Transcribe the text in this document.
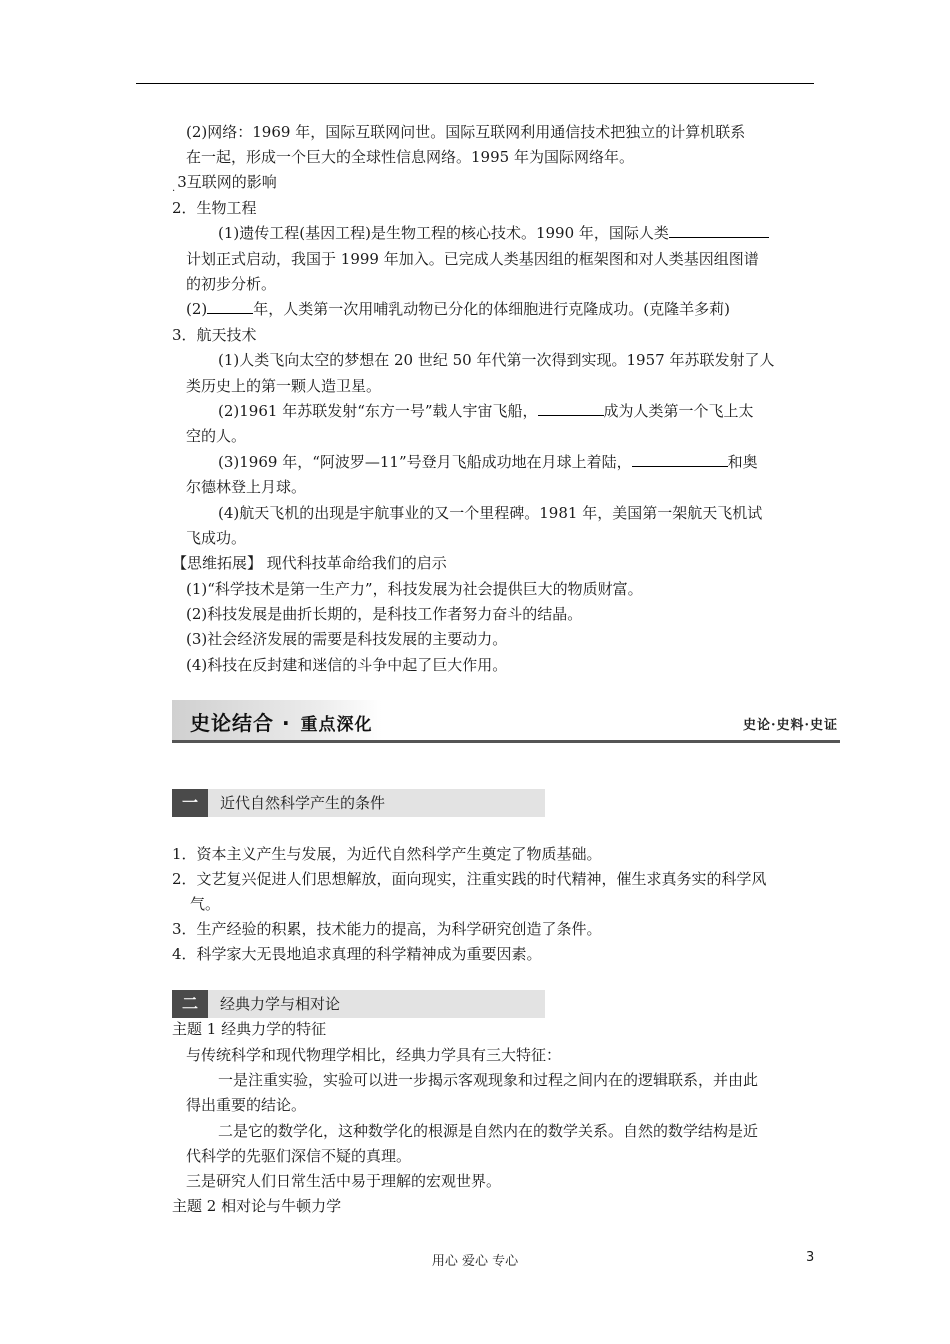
(2)网络：1969 年，国际互联网问世。国际互联网利用通信技术把独立的计算机联系
在一起，形成一个巨大的全球性信息网络。1995 年为国际网络年。
$_.$ 3互联网的影响
2．生物工程
(1)遗传工程(基因工程)是生物工程的核心技术。1990 年，国际人类
计划正式启动，我国于 1999 年加入。已完成人类基因组的框架图和对人类基因组图谱
的初步分析。
(2)	年，人类第一次用哺乳动物已分化的体细胞进行克隆成功。(克隆羊多莉)
3．航天技术
(1)人类飞向太空的梦想在 20 世纪 50 年代第一次得到实现。1957 年苏联发射了人
类历史上的第一颗人造卫星。
(2)1961 年苏联发射“东方一号”载人宇宙飞船，	成为人类第一个飞上太
空的人。
(3)1969 年，“阿波罗—11”号登月飞船成功地在月球上着陆，	和奥
尔德林登上月球。
(4)航天飞机的出现是宇航事业的又一个里程碑。1981 年，美国第一架航天飞机试
飞成功。
【思维拓展】 现代科技革命给我们的启示
(1)“科学技术是第一生产力”，科技发展为社会提供巨大的物质财富。
(2)科技发展是曲折长期的，是科技工作者努力奋斗的结晶。
(3)社会经济发展的需要是科技发展的主要动力。
(4)科技在反封建和迷信的斗争中起了巨大作用。
史论结合 · 重点深化	史论·史料·史证
一	近代自然科学产生的条件
1．资本主义产生与发展，为近代自然科学产生奠定了物质基础。
2．文艺复兴促进人们思想解放，面向现实，注重实践的时代精神，催生求真务实的科学风
气。
3．生产经验的积累，技术能力的提高，为科学研究创造了条件。
4．科学家大无畏地追求真理的科学精神成为重要因素。
二	经典力学与相对论
主题 1 经典力学的特征
与传统科学和现代物理学相比，经典力学具有三大特征：
一是注重实验，实验可以进一步揭示客观现象和过程之间内在的逻辑联系，并由此
得出重要的结论。
二是它的数学化，这种数学化的根源是自然内在的数学关系。自然的数学结构是近
代科学的先驱们深信不疑的真理。
三是研究人们日常生活中易于理解的宏观世界。
主题 2 相对论与牛顿力学
用心 爱心 专心	3
